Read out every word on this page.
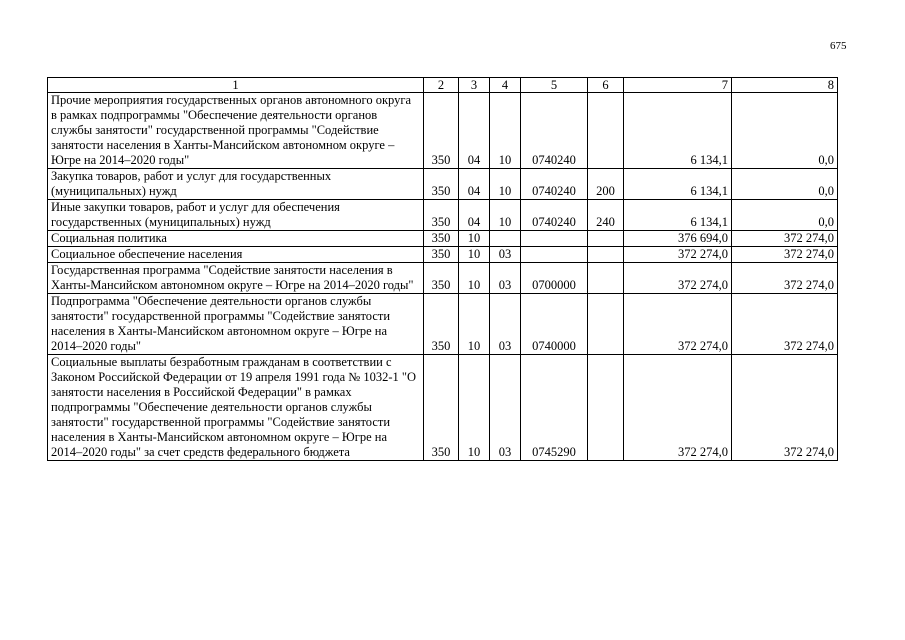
675
1	2	3	4	5	6	7	8
Прочие мероприятия государственных органов автономного округа в рамках подпрограммы "Обеспечение деятельности органов службы занятости" государственной программы "Содействие занятости населения в Ханты-Мансийском автономном округе – Югре на 2014–2020 годы"	350	04	10	0740240		6 134,1	0,0
Закупка товаров, работ и услуг для государственных (муниципальных) нужд	350	04	10	0740240	200	6 134,1	0,0
Иные закупки товаров, работ и услуг для обеспечения государственных (муниципальных) нужд	350	04	10	0740240	240	6 134,1	0,0
Социальная политика	350	10				376 694,0	372 274,0
Социальное обеспечение населения	350	10	03			372 274,0	372 274,0
Государственная программа "Содействие занятости населения в Ханты-Мансийском автономном округе – Югре на 2014–2020 годы"	350	10	03	0700000		372 274,0	372 274,0
Подпрограмма "Обеспечение деятельности органов службы занятости" государственной программы "Содействие занятости населения в Ханты-Мансийском автономном округе – Югре на 2014–2020 годы"	350	10	03	0740000		372 274,0	372 274,0
Социальные выплаты безработным гражданам в соответствии с Законом Российской Федерации от 19 апреля 1991 года № 1032-1 "О занятости населения в Российской Федерации" в рамках подпрограммы "Обеспечение деятельности органов службы занятости" государственной программы "Содействие занятости населения в Ханты-Мансийском автономном округе – Югре на 2014–2020 годы" за счет средств федерального бюджета	350	10	03	0745290		372 274,0	372 274,0
